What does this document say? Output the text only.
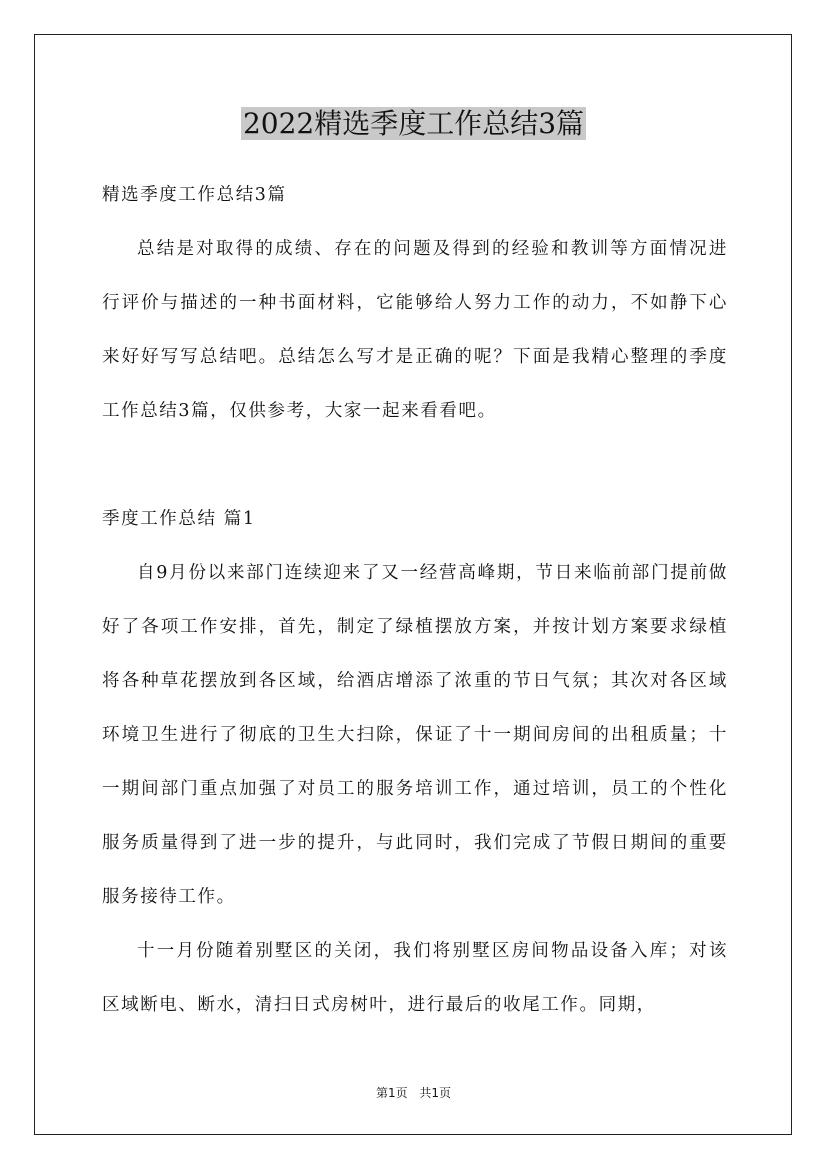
2022精选季度工作总结3篇

精选季度工作总结3篇

总结是对取得的成绩、存在的问题及得到的经验和教训等方面情况进行评价与描述的一种书面材料，它能够给人努力工作的动力，不如静下心来好好写写总结吧。总结怎么写才是正确的呢？下面是我精心整理的季度工作总结3篇，仅供参考，大家一起来看看吧。

季度工作总结 篇1

自9月份以来部门连续迎来了又一经营高峰期，节日来临前部门提前做好了各项工作安排，首先，制定了绿植摆放方案，并按计划方案要求绿植将各种草花摆放到各区域，给酒店增添了浓重的节日气氛；其次对各区域环境卫生进行了彻底的卫生大扫除，保证了十一期间房间的出租质量；十一期间部门重点加强了对员工的服务培训工作，通过培训，员工的个性化服务质量得到了进一步的提升，与此同时，我们完成了节假日期间的重要服务接待工作。

十一月份随着别墅区的关闭，我们将别墅区房间物品设备入库；对该区域断电、断水，清扫日式房树叶，进行最后的收尾工作。同期，

第1页 共1页
